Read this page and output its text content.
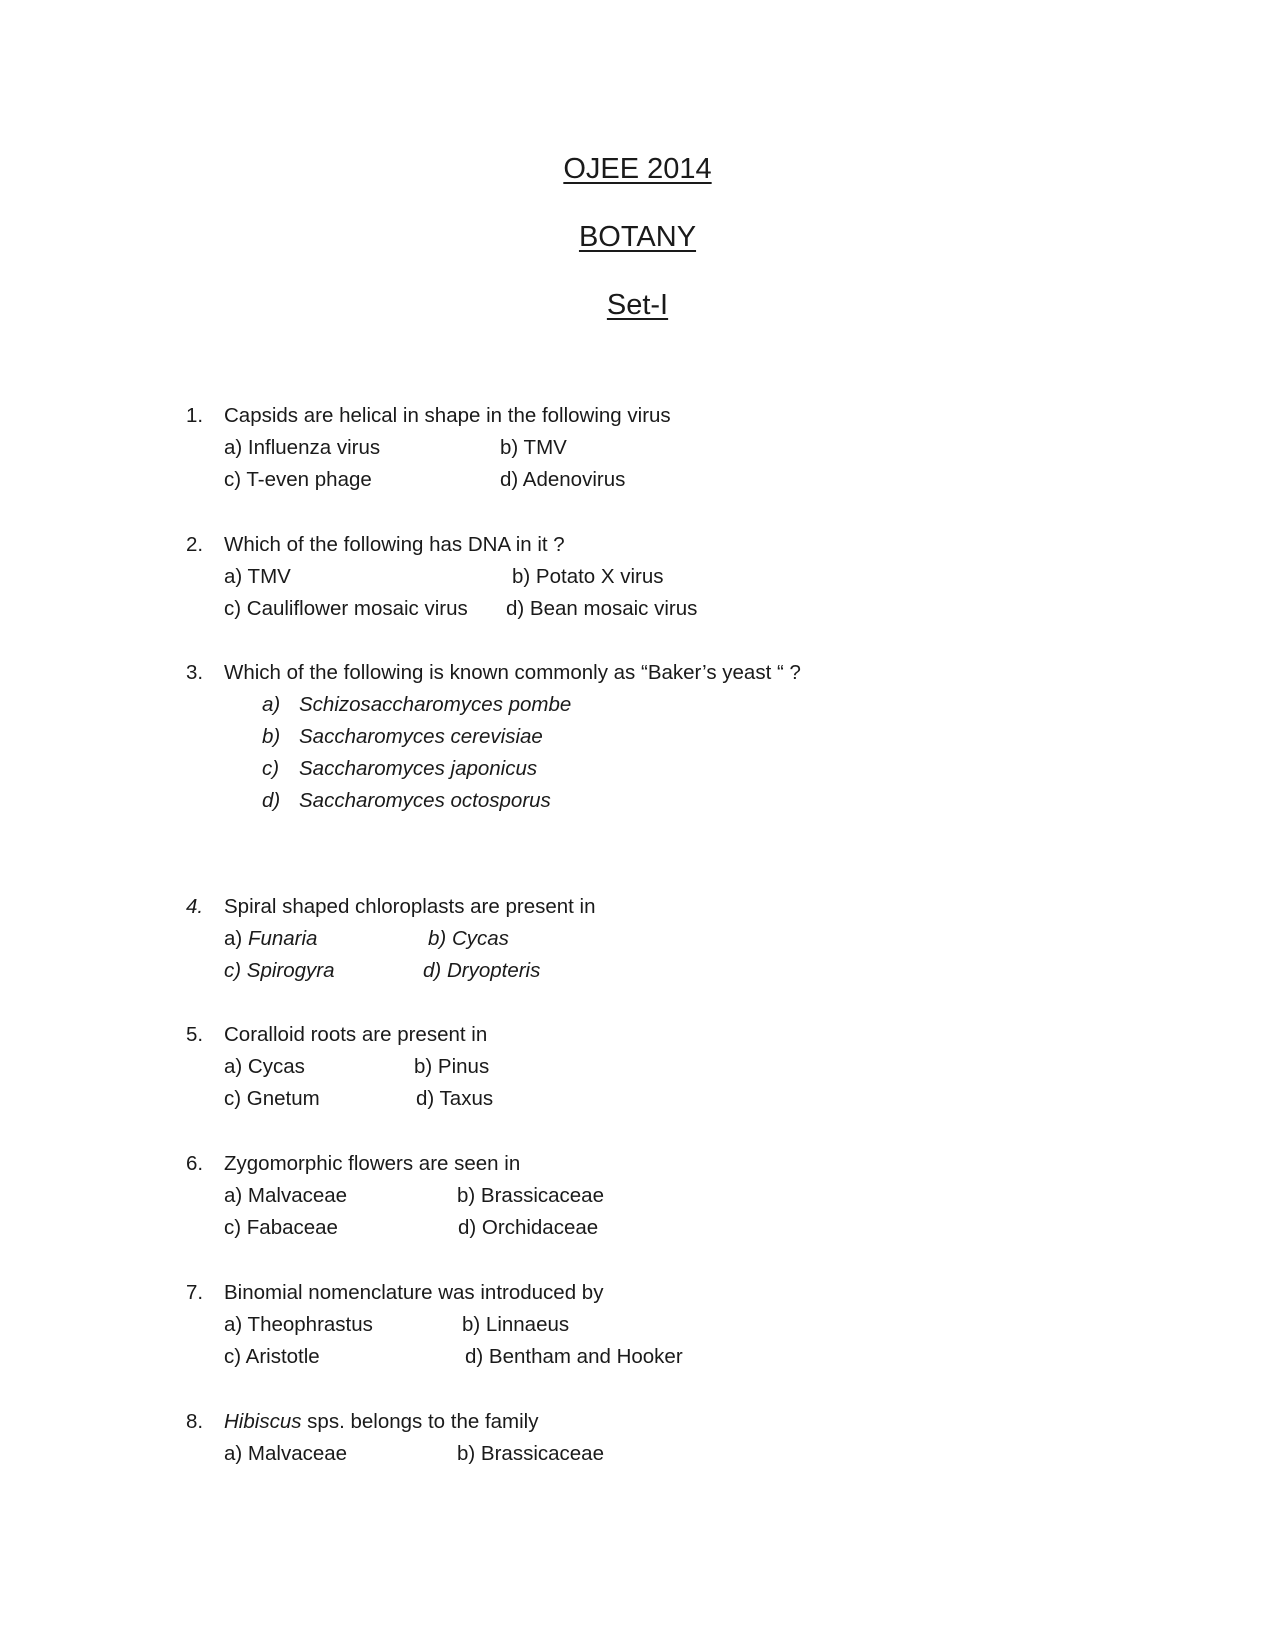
OJEE 2014
BOTANY
Set-I
1. Capsids are helical in shape in the following virus
a) Influenza virus	b) TMV
c) T-even phage	d) Adenovirus
2. Which of the following has DNA in it ?
a) TMV	b) Potato X virus
c) Cauliflower mosaic virus d) Bean mosaic virus
3. Which of the following is known commonly as “Baker’s yeast “ ?
a) Schizosaccharomyces pombe
b) Saccharomyces cerevisiae
c) Saccharomyces japonicus
d) Saccharomyces octosporus
4. Spiral shaped chloroplasts are present in
a) Funaria	b) Cycas
c) Spirogyra	d) Dryopteris
5. Coralloid roots are present in
a) Cycas	b) Pinus
c) Gnetum	d) Taxus
6. Zygomorphic flowers are seen in
a) Malvaceae	b) Brassicaceae
c) Fabaceae	d) Orchidaceae
7. Binomial nomenclature was introduced by
a) Theophrastus	b) Linnaeus
c) Aristotle	d) Bentham and Hooker
8. Hibiscus sps. belongs to the family
a) Malvaceae	b) Brassicaceae
